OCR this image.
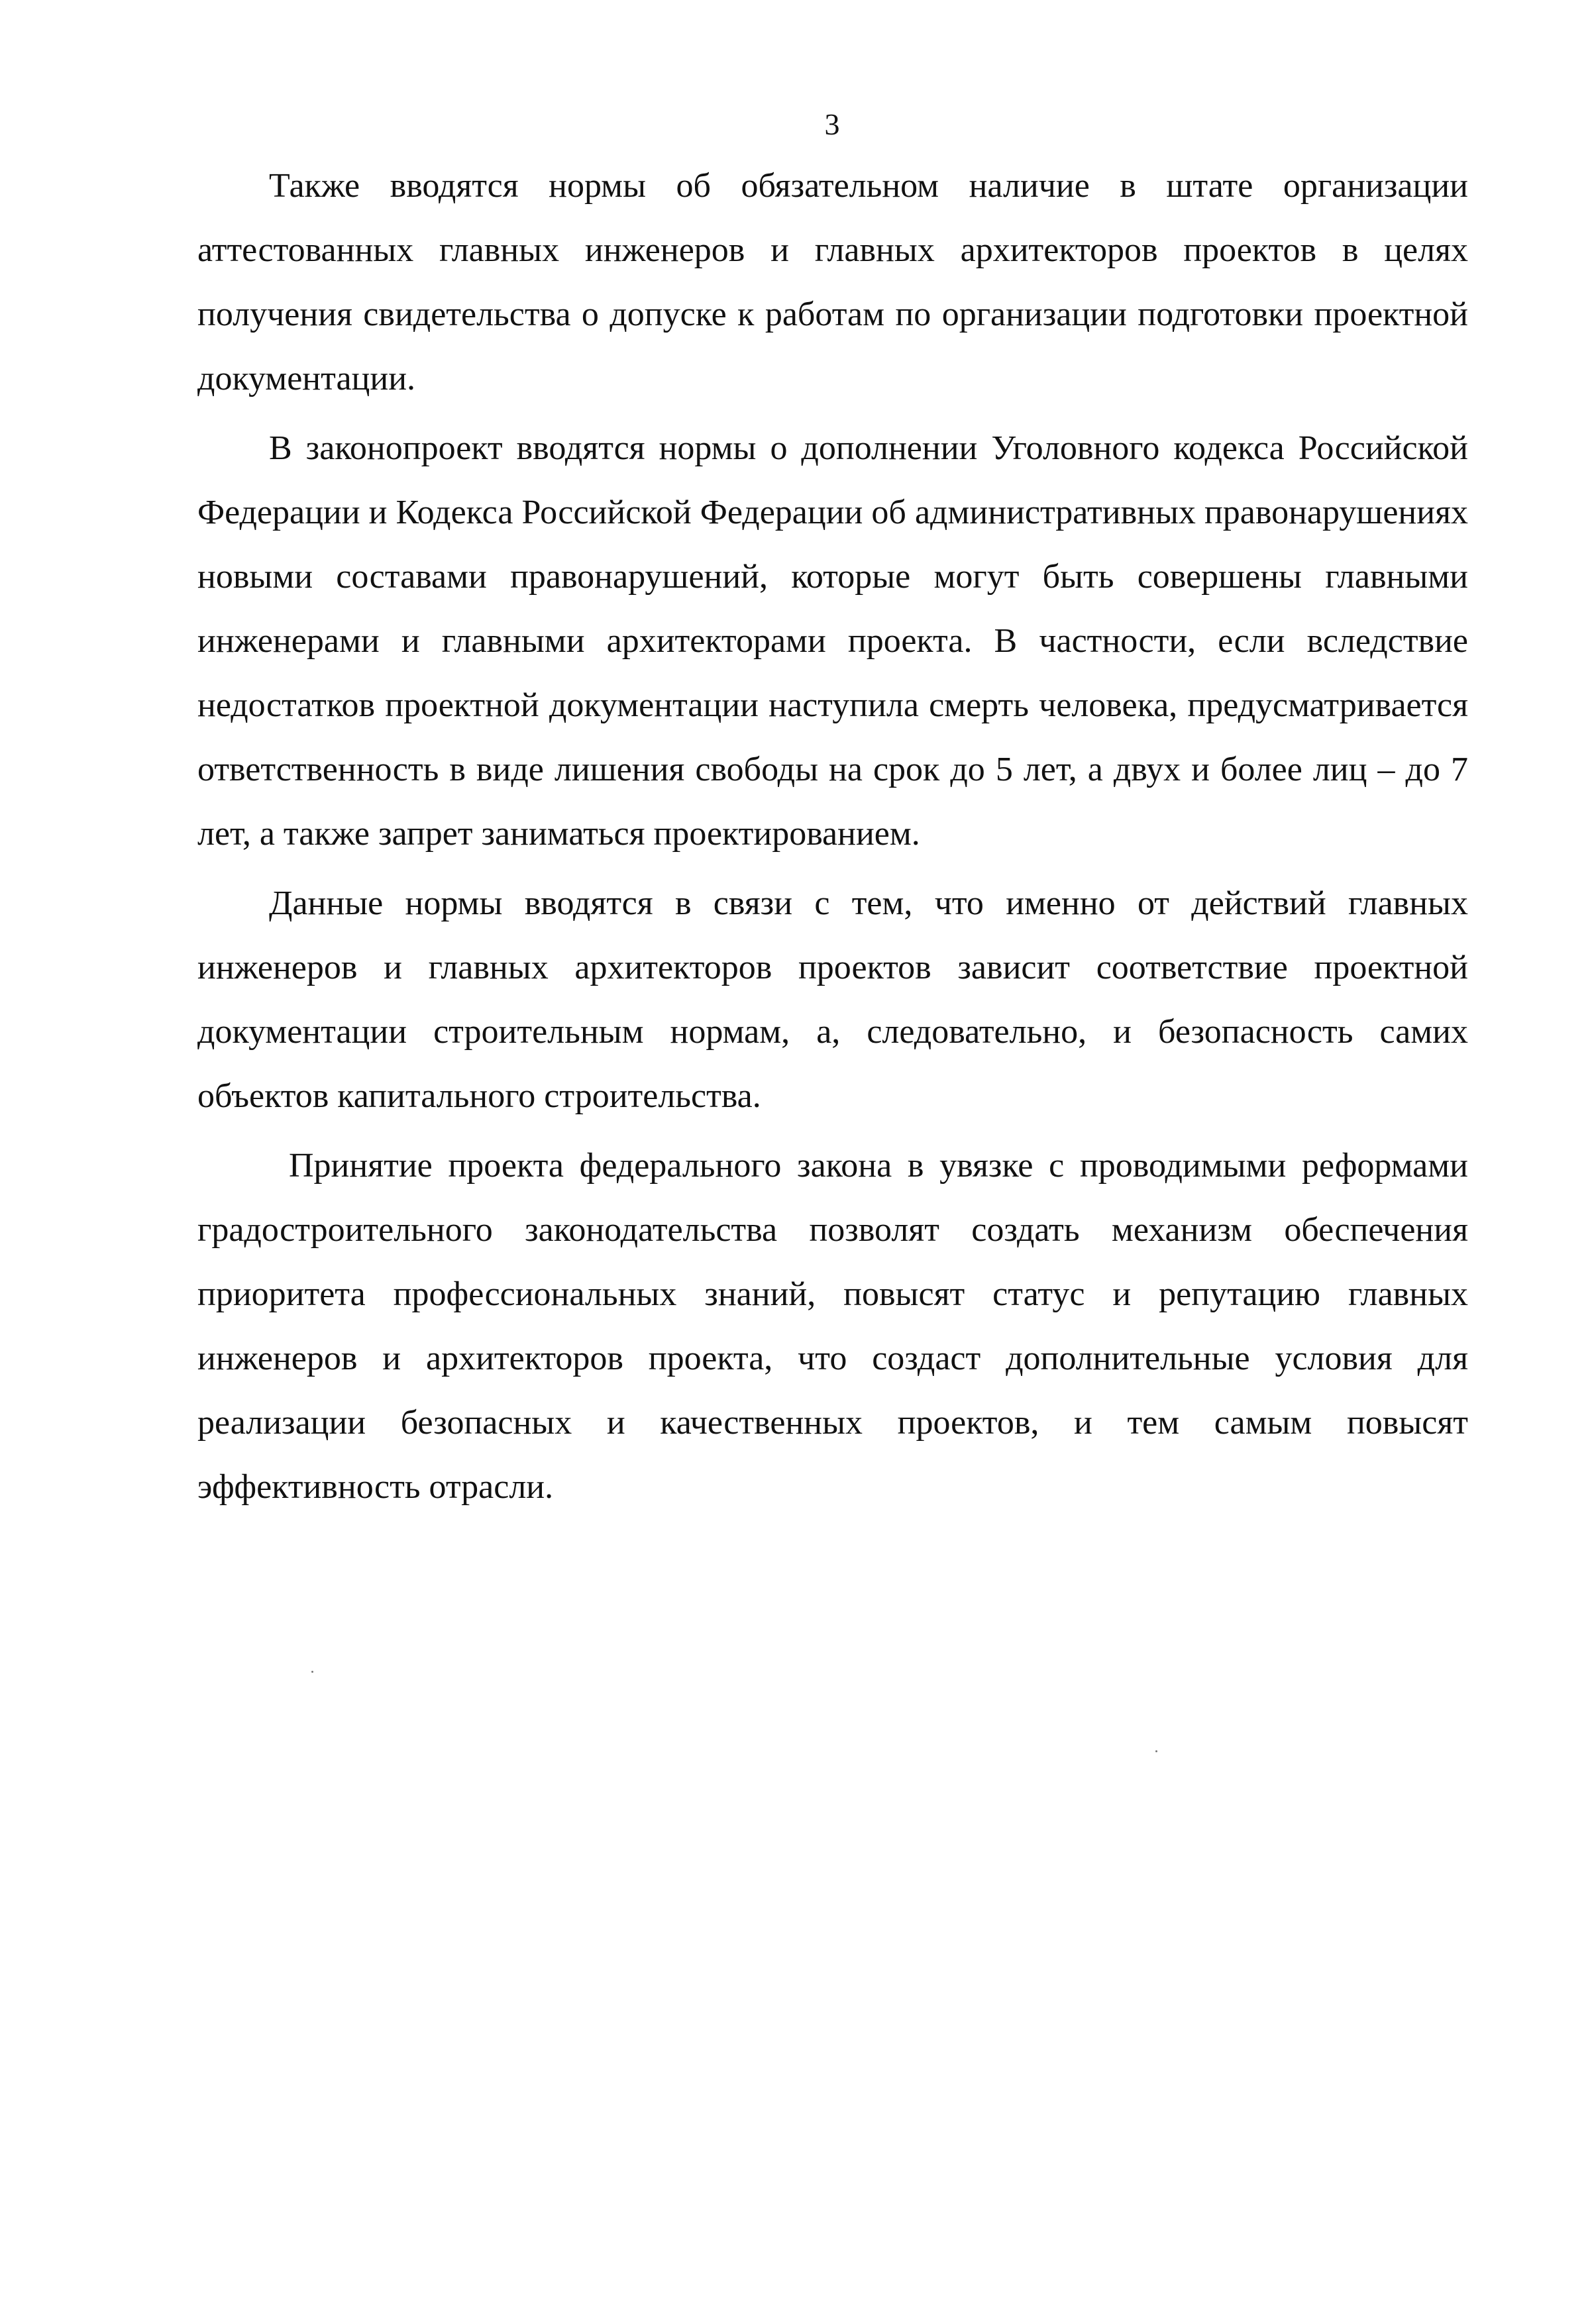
3

Также вводятся нормы об обязательном наличие в штате организации аттестованных главных инженеров и главных архитекторов проектов в целях получения свидетельства о допуске к работам по организации подготовки проектной документации.

В законопроект вводятся нормы о дополнении Уголовного кодекса Российской Федерации и Кодекса Российской Федерации об административных правонарушениях новыми составами правонарушений, которые могут быть совершены главными инженерами и главными архитекторами проекта. В частности, если вследствие недостатков проектной документации наступила смерть человека, предусматривается ответственность в виде лишения свободы на срок до 5 лет, а двух и более лиц – до 7 лет, а также запрет заниматься проектированием.

Данные нормы вводятся в связи с тем, что именно от действий главных инженеров и главных архитекторов проектов зависит соответствие проектной документации строительным нормам, а, следовательно, и безопасность самих объектов капитального строительства.

Принятие проекта федерального закона в увязке с проводимыми реформами градостроительного законодательства позволят создать механизм обеспечения приоритета профессиональных знаний, повысят статус и репутацию главных инженеров и архитекторов проекта, что создаст дополнительные условия для реализации безопасных и качественных проектов, и тем самым повысят эффективность отрасли.
